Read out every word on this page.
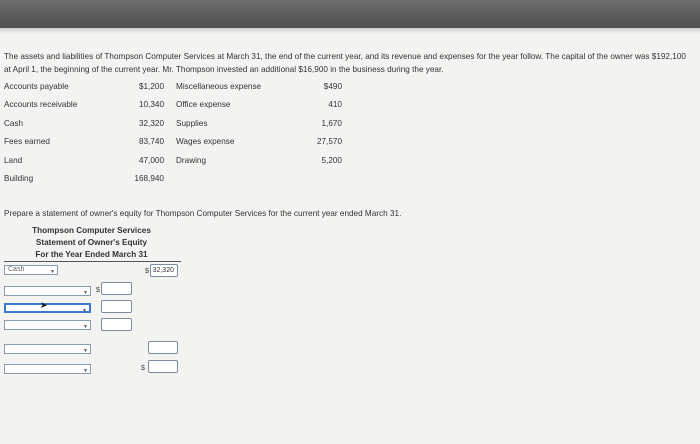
The assets and liabilities of Thompson Computer Services at March 31, the end of the current year, and its revenue and expenses for the year follow. The capital of the owner was $192,100 at April 1, the beginning of the current year. Mr. Thompson invested an additional $16,900 in the business during the year.
Accounts payable	$1,200 Miscellaneous expense	$490
Accounts receivable	10,340 Office expense	410
Cash	32,320 Supplies	1,670
Fees earned	83,740 Wages expense	27,570
Land	47,000 Drawing	5,200
Building	168,940
Prepare a statement of owner's equity for Thompson Computer Services for the current year ended March 31.
Thompson Computer Services
Statement of Owner's Equity
For the Year Ended March 31
Cash	▼	$ 32,320
▼ $
▼
➤
▼
▼
▼	$
